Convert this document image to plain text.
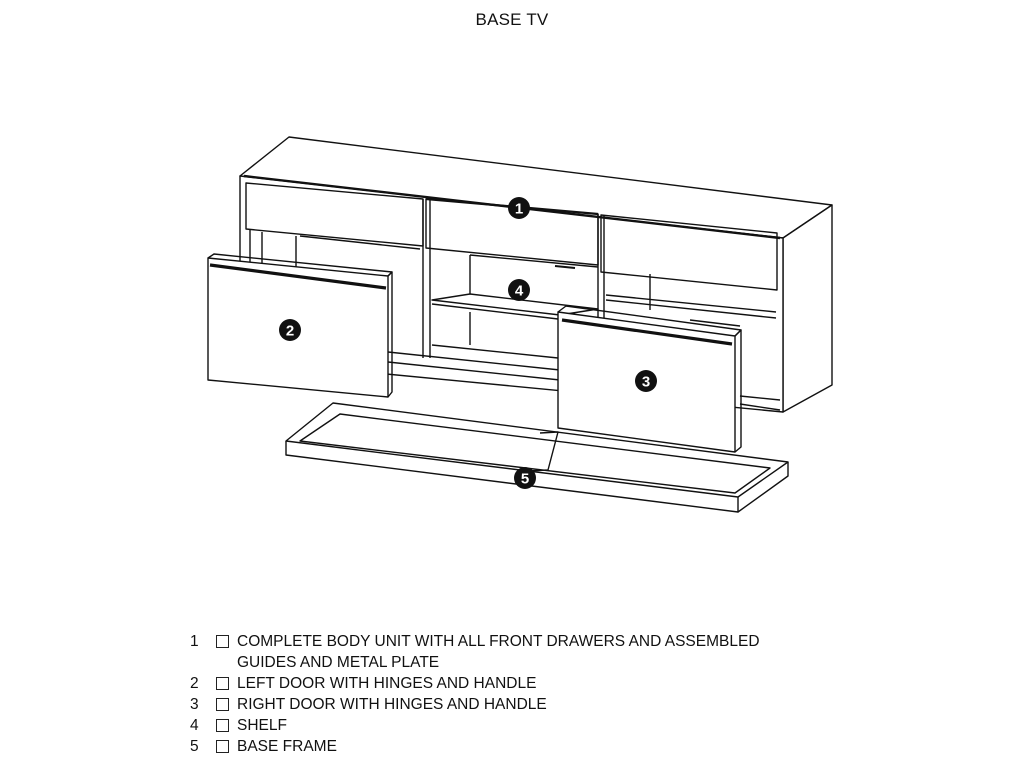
BASE TV
1
2
3
4
5
1	COMPLETE BODY UNIT WITH ALL FRONT DRAWERS AND ASSEMBLED GUIDES AND METAL PLATE
2	LEFT DOOR WITH HINGES AND HANDLE
3	RIGHT DOOR WITH HINGES AND HANDLE
4	SHELF
5	BASE FRAME
